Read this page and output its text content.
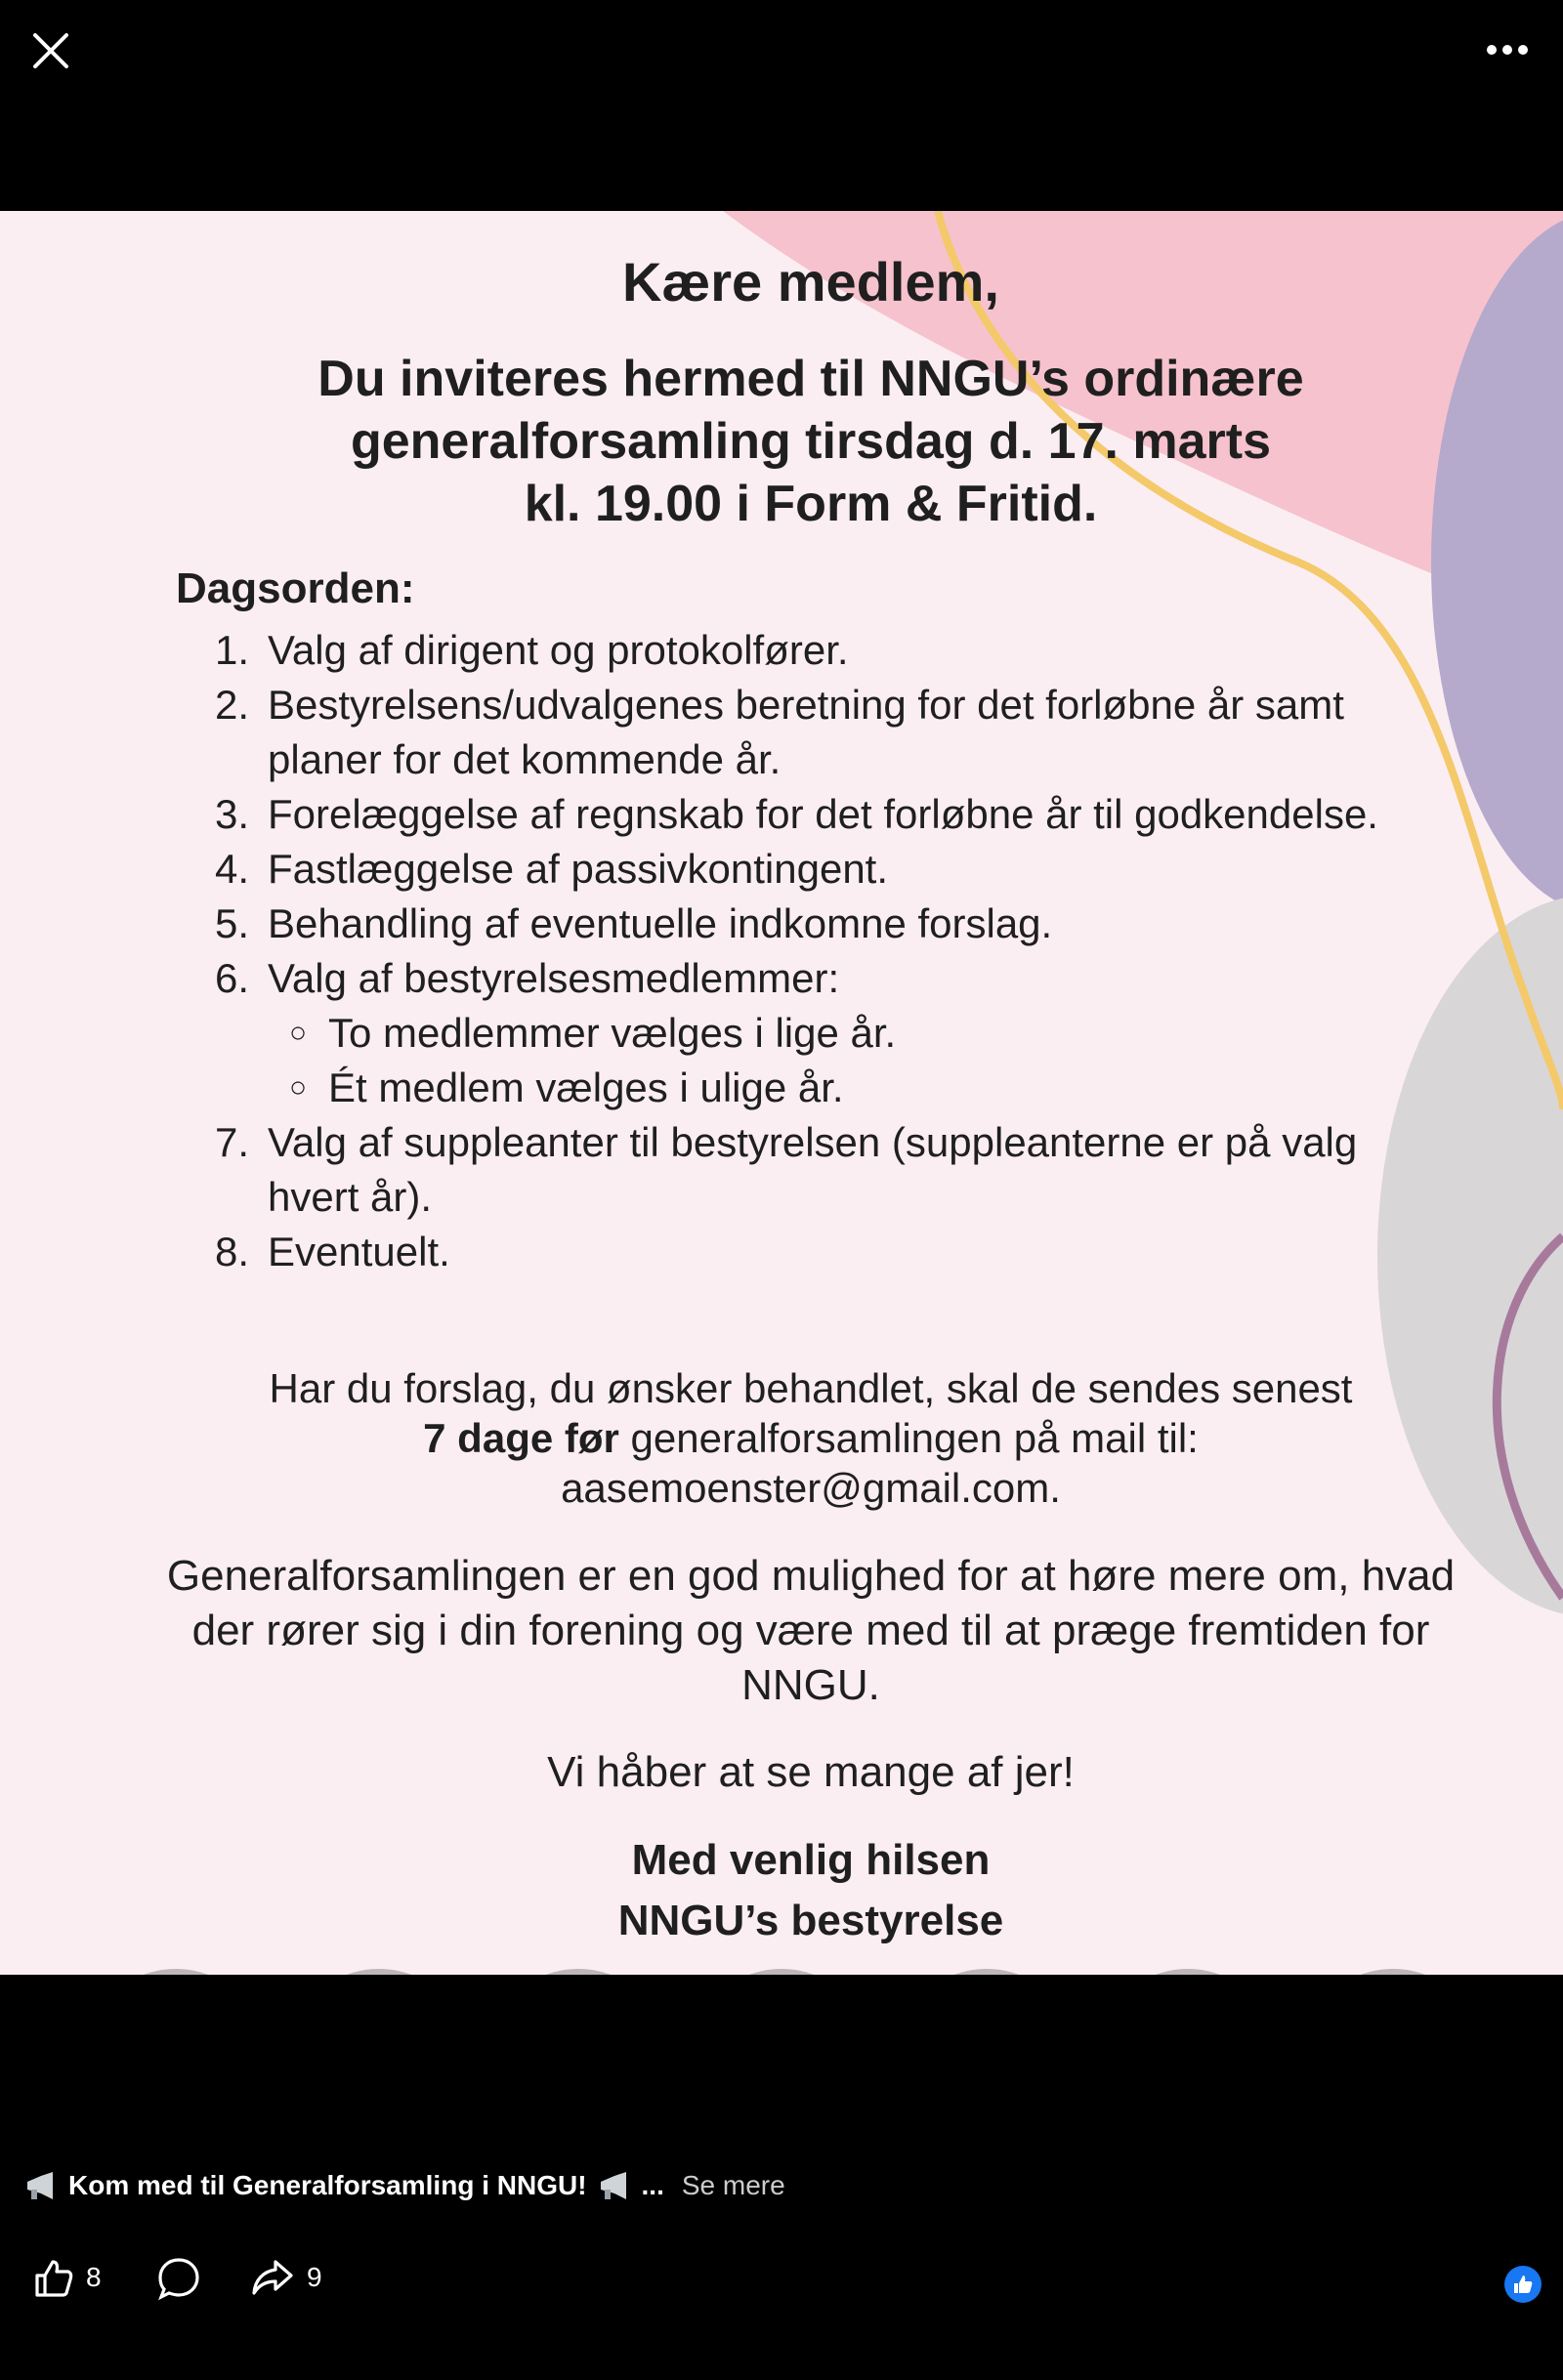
Kære medlem,
Du inviteres hermed til NNGU’s ordinære
generalforsamling tirsdag d. 17. marts
kl. 19.00 i Form & Fritid.
Dagsorden:
1. Valg af dirigent og protokolfører.
2. Bestyrelsens/udvalgenes beretning for det forløbne år samt planer for det kommende år.
3. Forelæggelse af regnskab for det forløbne år til godkendelse.
4. Fastlæggelse af passivkontingent.
5. Behandling af eventuelle indkomne forslag.
6. Valg af bestyrelsesmedlemmer:
○ To medlemmer vælges i lige år.
○ Ét medlem vælges i ulige år.
7. Valg af suppleanter til bestyrelsen (suppleanterne er på valg hvert år).
8. Eventuelt.
Har du forslag, du ønsker behandlet, skal de sendes senest
7 dage før generalforsamlingen på mail til:
aasemoenster@gmail.com.
Generalforsamlingen er en god mulighed for at høre mere om, hvad der rører sig i din forening og være med til at præge fremtiden for NNGU.
Vi håber at se mange af jer!
Med venlig hilsen
NNGU’s bestyrelse
Kom med til Generalforsamling i NNGU! ... Se mere
8	9
